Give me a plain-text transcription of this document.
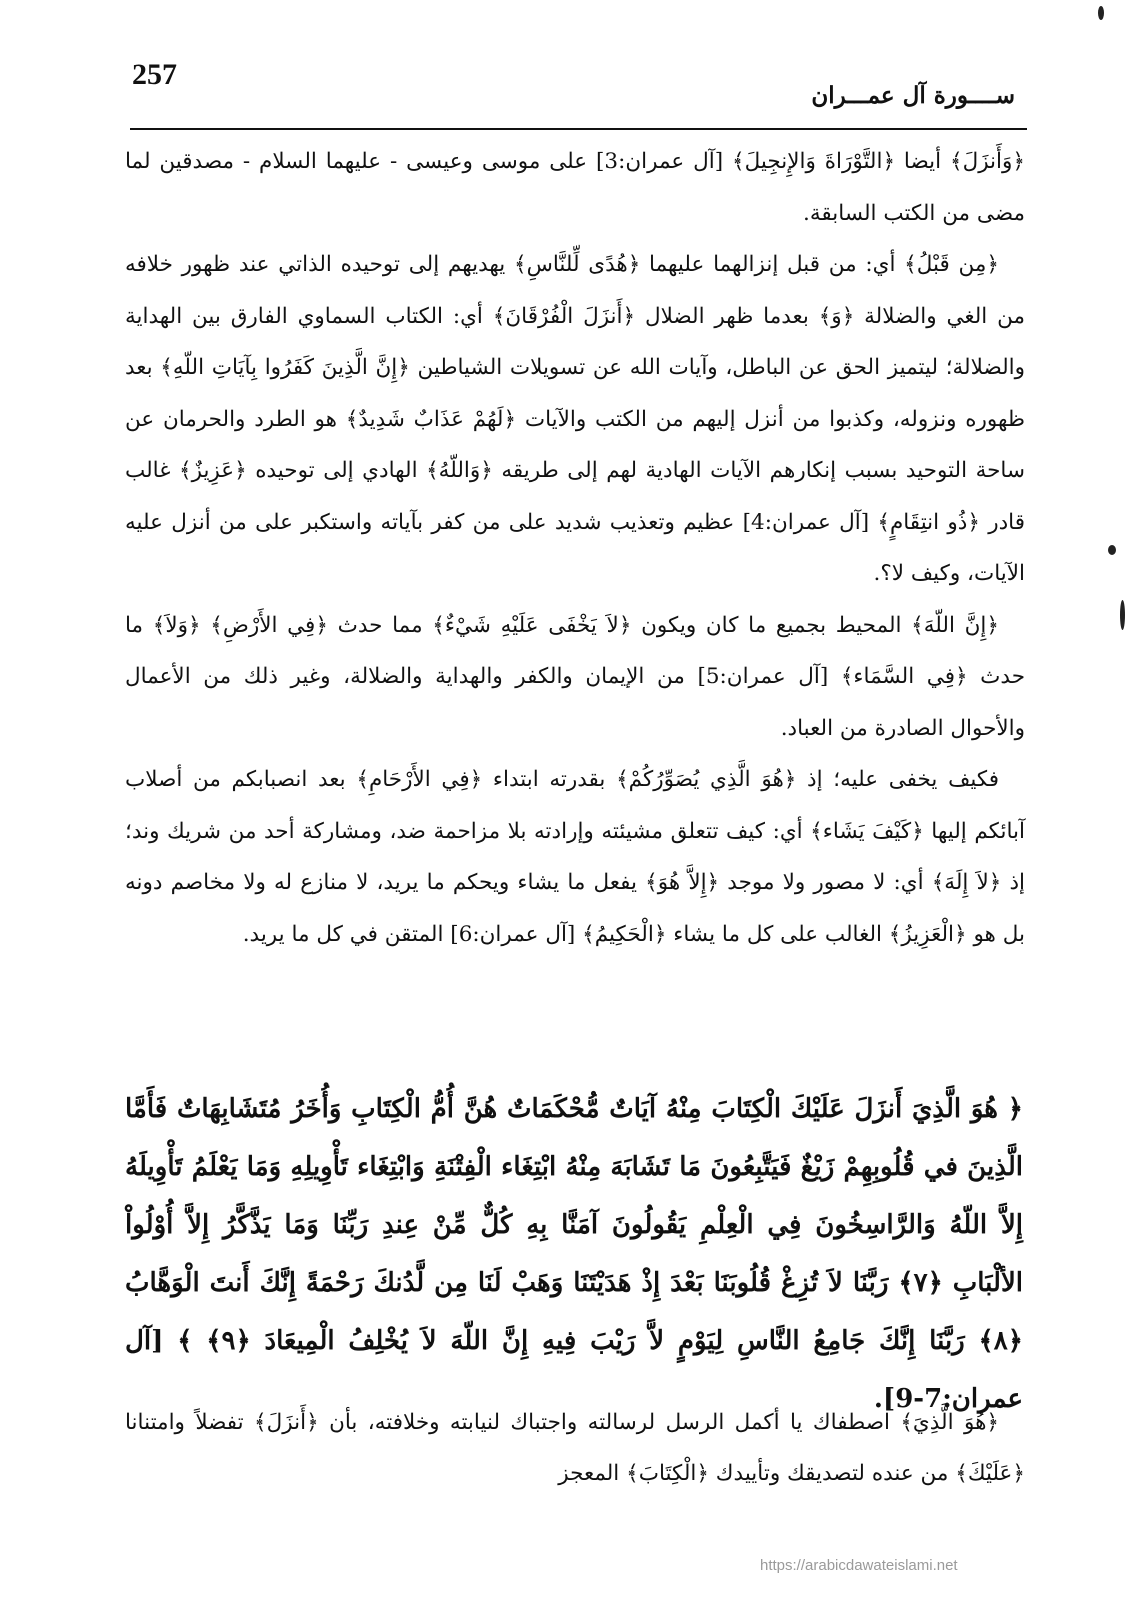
257
ســــورة آل عمـــران

﴿وَأَنزَلَ﴾ أيضا ﴿التَّوْرَاةَ وَالإِنجِيلَ﴾ [آل عمران:3] على موسى وعيسى - عليهما السلام - مصدقين لما مضى من الكتب السابقة.

﴿مِن قَبْلُ﴾ أي: من قبل إنزالهما عليهما ﴿هُدًى لِّلنَّاسِ﴾ يهديهم إلى توحيده الذاتي عند ظهور خلافه من الغي والضلالة ﴿وَ﴾ بعدما ظهر الضلال ﴿أَنزَلَ الْفُرْقَانَ﴾ أي: الكتاب السماوي الفارق بين الهداية والضلالة؛ ليتميز الحق عن الباطل، وآيات الله عن تسويلات الشياطين ﴿إِنَّ الَّذِينَ كَفَرُوا بِآيَاتِ اللّهِ﴾ بعد ظهوره ونزوله، وكذبوا من أنزل إليهم من الكتب والآيات ﴿لَهُمْ عَذَابٌ شَدِيدٌ﴾ هو الطرد والحرمان عن ساحة التوحيد بسبب إنكارهم الآيات الهادية لهم إلى طريقه ﴿وَاللّهُ﴾ الهادي إلى توحيده ﴿عَزِيزٌ﴾ غالب قادر ﴿ذُو انتِقَامٍ﴾ [آل عمران:4] عظيم وتعذيب شديد على من كفر بآياته واستكبر على من أنزل عليه الآيات، وكيف لا؟.

﴿إِنَّ اللّهَ﴾ المحيط بجميع ما كان ويكون ﴿لاَ يَخْفَى عَلَيْهِ شَيْءٌ﴾ مما حدث ﴿فِي الأَرْضِ﴾ ﴿وَلاَ﴾ ما حدث ﴿فِي السَّمَاء﴾ [آل عمران:5] من الإيمان والكفر والهداية والضلالة، وغير ذلك من الأعمال والأحوال الصادرة من العباد.

فكيف يخفى عليه؛ إذ ﴿هُوَ الَّذِي يُصَوِّرُكُمْ﴾ بقدرته ابتداء ﴿فِي الأَرْحَامِ﴾ بعد انصبابكم من أصلاب آبائكم إليها ﴿كَيْفَ يَشَاء﴾ أي: كيف تتعلق مشيئته وإرادته بلا مزاحمة ضد، ومشاركة أحد من شريك وند؛ إذ ﴿لاَ إِلَهَ﴾ أي: لا مصور ولا موجد ﴿إِلاَّ هُوَ﴾ يفعل ما يشاء ويحكم ما يريد، لا منازع له ولا مخاصم دونه بل هو ﴿الْعَزِيزُ﴾ الغالب على كل ما يشاء ﴿الْحَكِيمُ﴾ [آل عمران:6] المتقن في كل ما يريد.

﴿ هُوَ الَّذِيَ أَنزَلَ عَلَيْكَ الْكِتَابَ مِنْهُ آيَاتٌ مُّحْكَمَاتٌ هُنَّ أُمُّ الْكِتَابِ وَأُخَرُ مُتَشَابِهَاتٌ فَأَمَّا الَّذِينَ في قُلُوبِهِمْ زَيْغٌ فَيَتَّبِعُونَ مَا تَشَابَهَ مِنْهُ ابْتِغَاء الْفِتْنَةِ وَابْتِغَاء تَأْوِيلِهِ وَمَا يَعْلَمُ تَأْوِيلَهُ إِلاَّ اللّهُ وَالرَّاسِخُونَ فِي الْعِلْمِ يَقُولُونَ آمَنَّا بِهِ كُلٌّ مِّنْ عِندِ رَبِّنَا وَمَا يَذَّكَّرُ إِلاَّ أُوْلُواْ الألْبَابِ ﴿٧﴾ رَبَّنَا لاَ تُزِغْ قُلُوبَنَا بَعْدَ إِذْ هَدَيْتَنَا وَهَبْ لَنَا مِن لَّدُنكَ رَحْمَةً إِنَّكَ أَنتَ الْوَهَّابُ ﴿٨﴾ رَبَّنَا إِنَّكَ جَامِعُ النَّاسِ لِيَوْمٍ لاَّ رَيْبَ فِيهِ إِنَّ اللّهَ لاَ يُخْلِفُ الْمِيعَادَ ﴿٩﴾ ﴾ [آل عمران:7-9].

﴿هُوَ الَّذِيَ﴾ اصطفاك يا أكمل الرسل لرسالته واجتباك لنيابته وخلافته، بأن ﴿أَنزَلَ﴾ تفضلاً وامتنانا ﴿عَلَيْكَ﴾ من عنده لتصديقك وتأييدك ﴿الْكِتَابَ﴾ المعجز

https://arabicdawateislami.net
